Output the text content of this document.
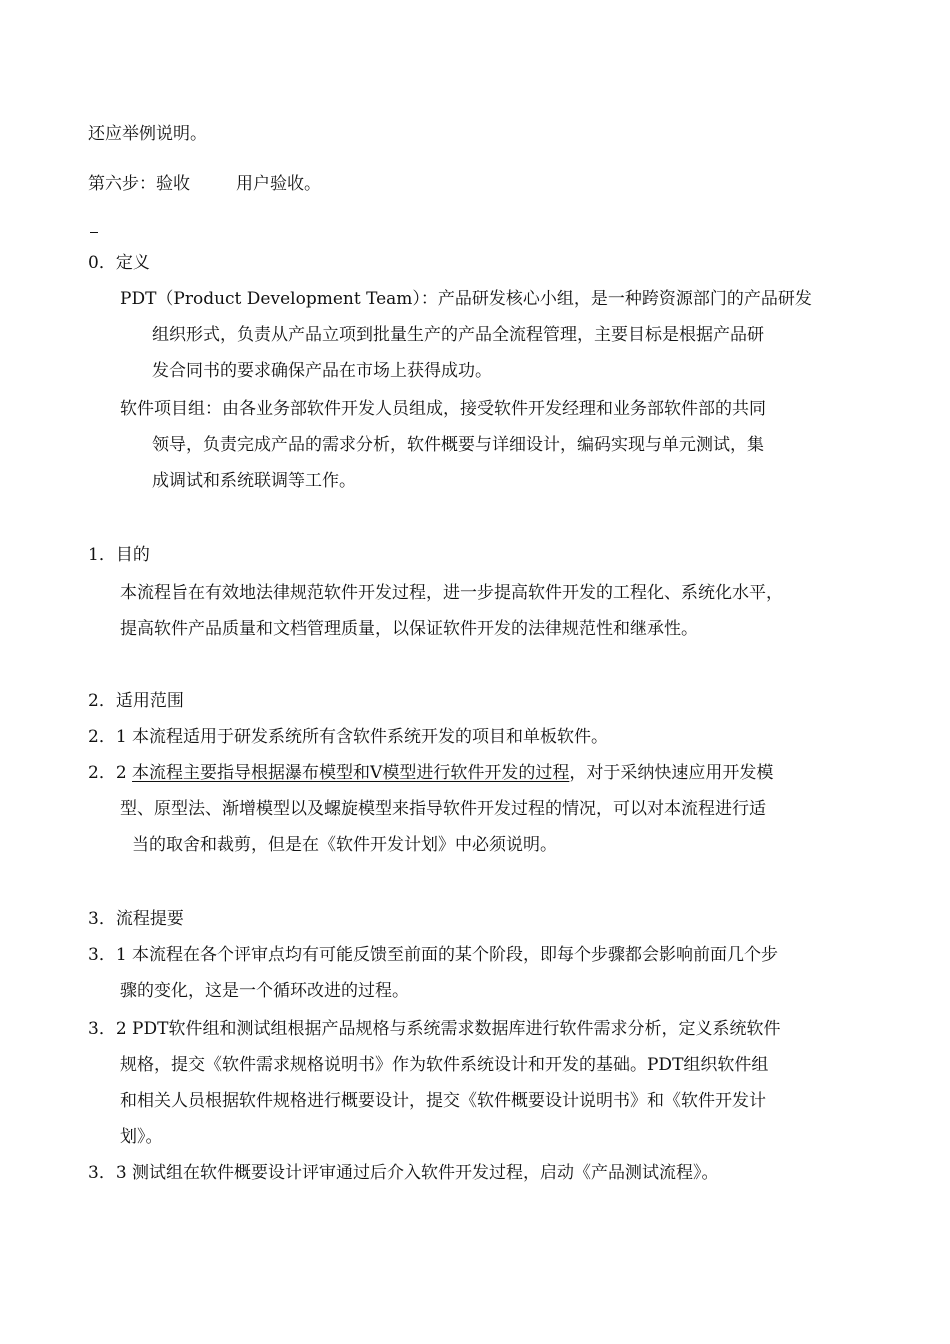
还应举例说明。
第六步：验收	用户验收。
0．定义
PDT（Product Development Team）：产品研发核心小组，是一种跨资源部门的产品研发
组织形式，负责从产品立项到批量生产的产品全流程管理，主要目标是根据产品研
发合同书的要求确保产品在市场上获得成功。
软件项目组：由各业务部软件开发人员组成，接受软件开发经理和业务部软件部的共同
领导，负责完成产品的需求分析，软件概要与详细设计，编码实现与单元测试，集
成调试和系统联调等工作。
1．目的
本流程旨在有效地法律规范软件开发过程，进一步提高软件开发的工程化、系统化水平，
提高软件产品质量和文档管理质量，以保证软件开发的法律规范性和继承性。
2．适用范围
2．1 本流程适用于研发系统所有含软件系统开发的项目和单板软件。
2．2 本流程主要指导根据瀑布模型和Ⅴ模型进行软件开发的过程，对于采纳快速应用开发模
型、原型法、渐增模型以及螺旋模型来指导软件开发过程的情况，可以对本流程进行适
当的取舍和裁剪，但是在《软件开发计划》中必须说明。
3．流程提要
3．1 本流程在各个评审点均有可能反馈至前面的某个阶段，即每个步骤都会影响前面几个步
骤的变化，这是一个循环改进的过程。
3．2 PDT软件组和测试组根据产品规格与系统需求数据库进行软件需求分析，定义系统软件
规格，提交《软件需求规格说明书》作为软件系统设计和开发的基础。PDT组织软件组
和相关人员根据软件规格进行概要设计，提交《软件概要设计说明书》和《软件开发计
划》。
3．3 测试组在软件概要设计评审通过后介入软件开发过程，启动《产品测试流程》。
